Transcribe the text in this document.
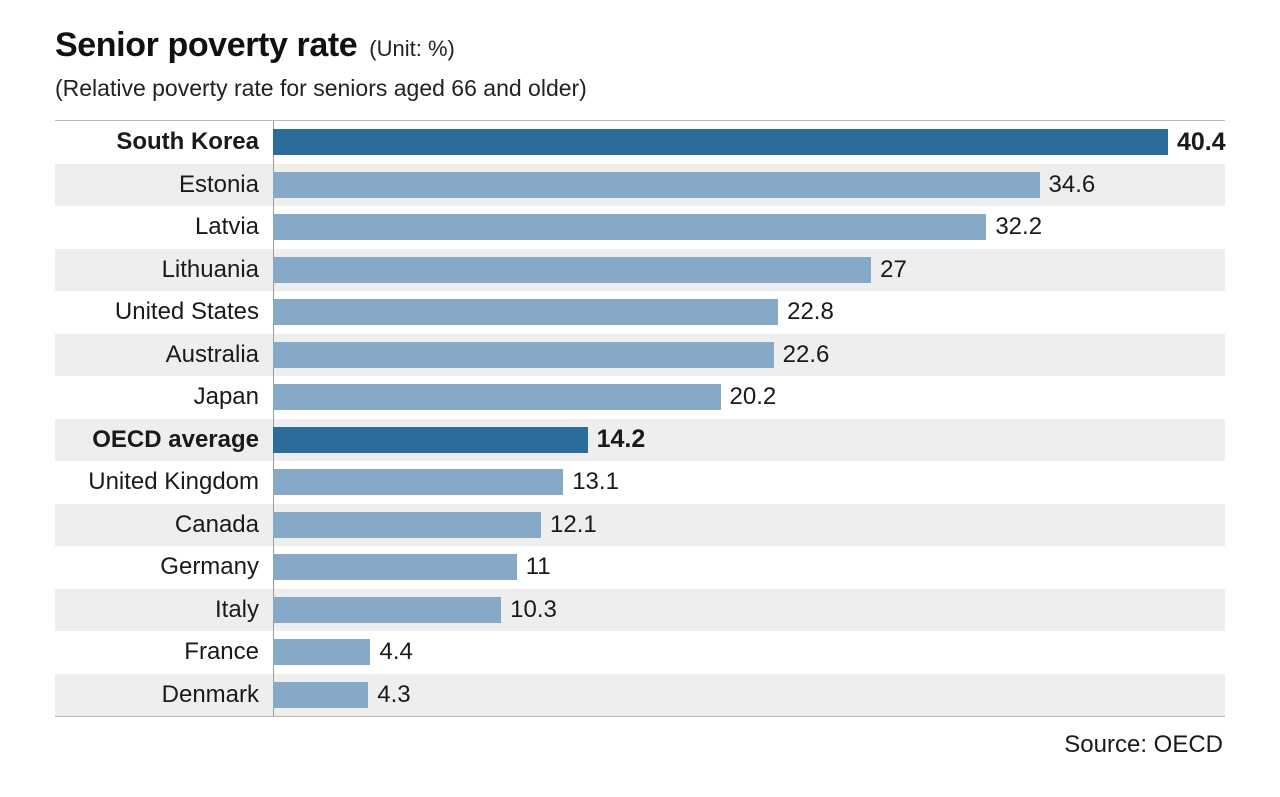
Senior poverty rate (Unit: %)
(Relative poverty rate for seniors aged 66 and older)
South Korea	40.4
Estonia	34.6
Latvia	32.2
Lithuania	27
United States	22.8
Australia	22.6
Japan	20.2
OECD average	14.2
United Kingdom	13.1
Canada	12.1
Germany	11
Italy	10.3
France	4.4
Denmark	4.3
Source: OECD
